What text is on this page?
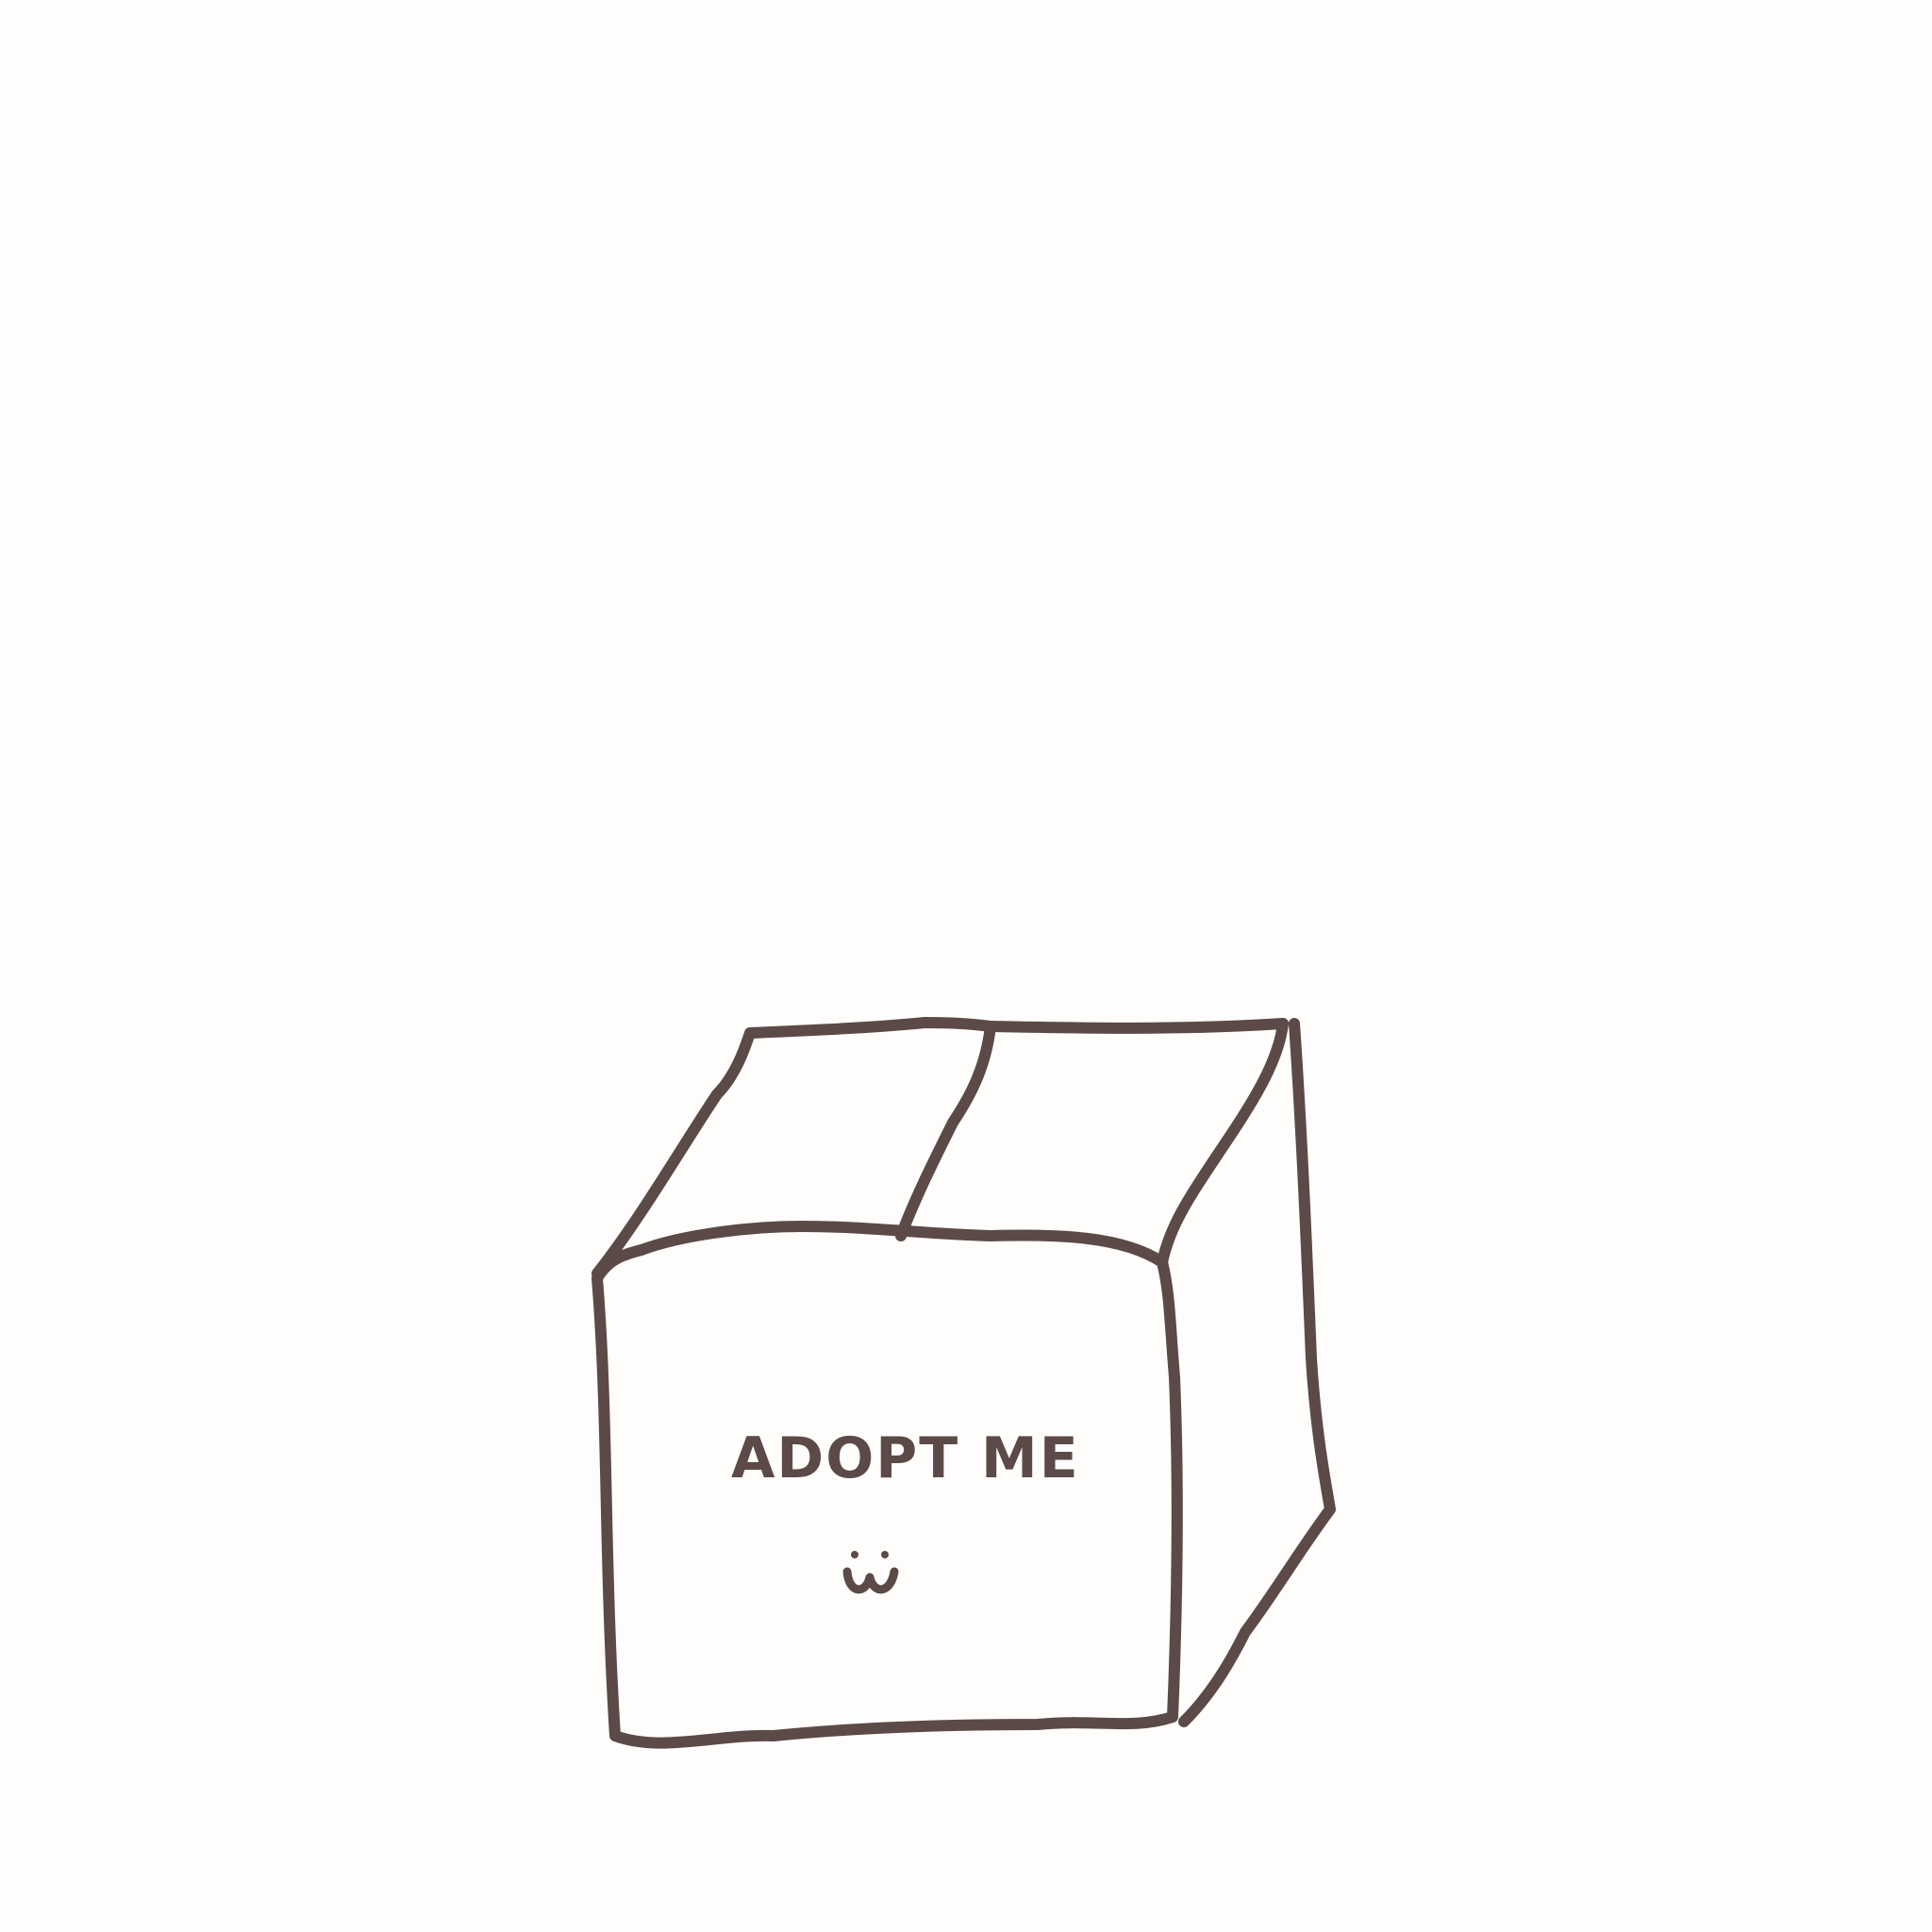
ADOPT ME
